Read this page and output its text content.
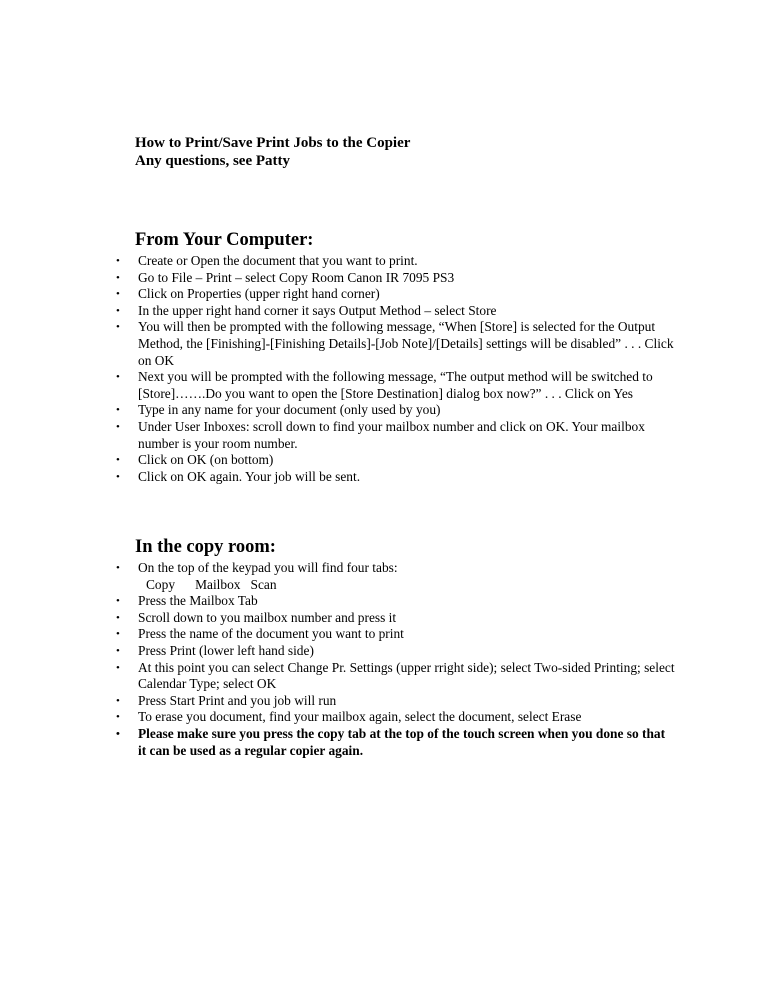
How to Print/Save Print Jobs to the Copier
Any questions, see Patty
From Your Computer:
• Create or Open the document that you want to print.
• Go to File – Print – select Copy Room Canon IR 7095 PS3
• Click on Properties (upper right hand corner)
• In the upper right hand corner it says Output Method – select Store
• You will then be prompted with the following message, “When [Store] is selected for the Output Method, the [Finishing]-[Finishing Details]-[Job Note]/[Details] settings will be disabled” . . . Click on OK
• Next you will be prompted with the following message, “The output method will be switched to [Store]…….Do you want to open the [Store Destination] dialog box now?” . . . Click on Yes
• Type in any name for your document (only used by you)
• Under User Inboxes: scroll down to find your mailbox number and click on OK. Your mailbox number is your room number.
• Click on OK (on bottom)
• Click on OK again. Your job will be sent.
In the copy room:
• On the top of the keypad you will find four tabs:
Copy      Mailbox   Scan
• Press the Mailbox Tab
• Scroll down to you mailbox number and press it
• Press the name of the document you want to print
• Press Print (lower left hand side)
• At this point you can select Change Pr. Settings (upper rright side); select Two-sided Printing; select Calendar Type; select OK
• Press Start Print and you job will run
• To erase you document, find your mailbox again, select the document, select Erase
• Please make sure you press the copy tab at the top of the touch screen when you done so that it can be used as a regular copier again.
